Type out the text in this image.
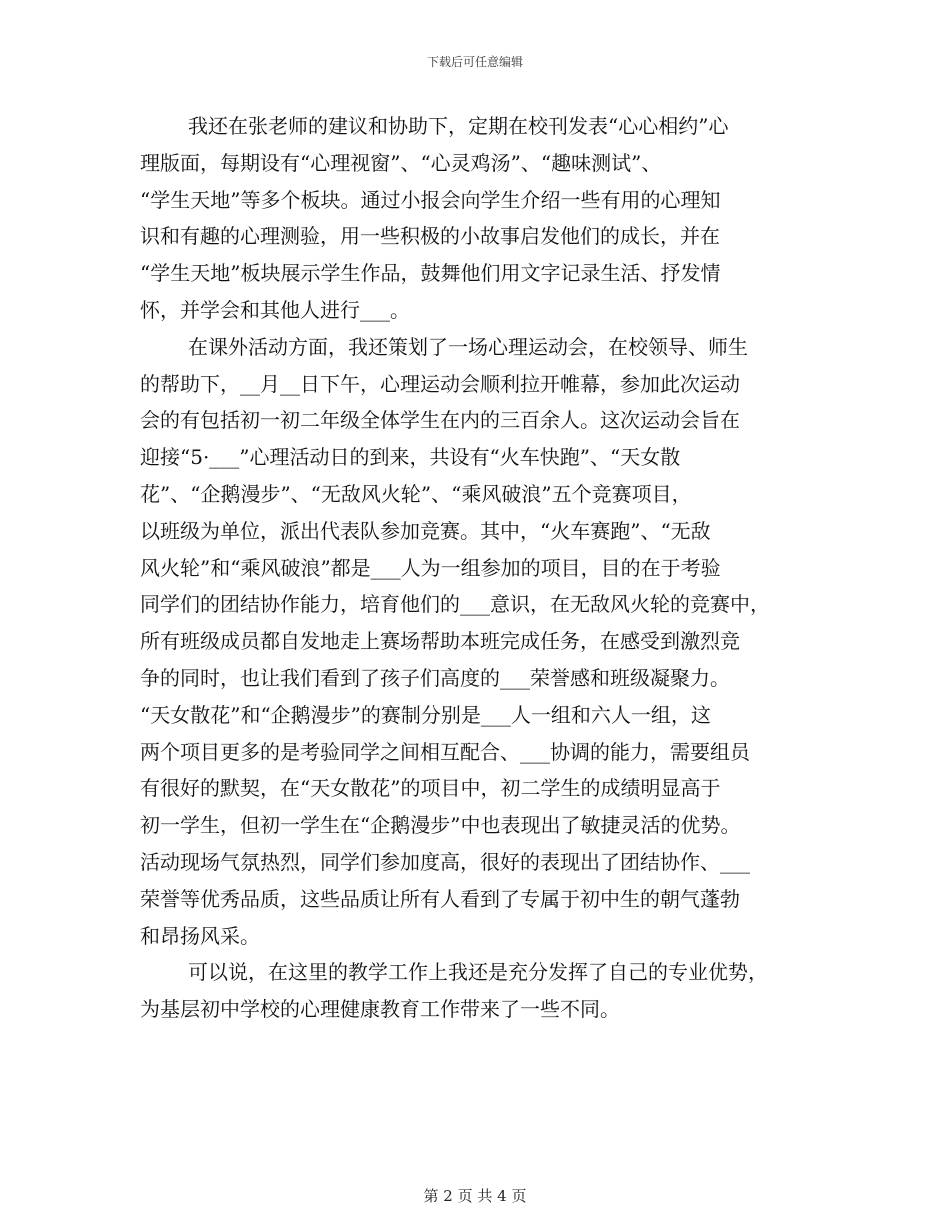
下载后可任意编辑
我还在张老师的建议和协助下，定期在校刊发表“心心相约”心
理版面，每期设有“心理视窗”、“心灵鸡汤”、“趣味测试”、
“学生天地”等多个板块。通过小报会向学生介绍一些有用的心理知
识和有趣的心理测验，用一些积极的小故事启发他们的成长，并在
“学生天地”板块展示学生作品，鼓舞他们用文字记录生活、抒发情
怀，并学会和其他人进行___。
在课外活动方面，我还策划了一场心理运动会，在校领导、师生
的帮助下，__月__日下午，心理运动会顺利拉开帷幕，参加此次运动
会的有包括初一初二年级全体学生在内的三百余人。这次运动会旨在
迎接“5·___”心理活动日的到来，共设有“火车快跑”、“天女散
花”、“企鹅漫步”、“无敌风火轮”、“乘风破浪”五个竞赛项目，
以班级为单位，派出代表队参加竞赛。其中，“火车赛跑”、“无敌
风火轮”和“乘风破浪”都是___人为一组参加的项目，目的在于考验
同学们的团结协作能力，培育他们的___意识，在无敌风火轮的竞赛中，
所有班级成员都自发地走上赛场帮助本班完成任务，在感受到激烈竞
争的同时，也让我们看到了孩子们高度的___荣誉感和班级凝聚力。
“天女散花”和“企鹅漫步”的赛制分别是___人一组和六人一组，这
两个项目更多的是考验同学之间相互配合、___协调的能力，需要组员
有很好的默契，在“天女散花”的项目中，初二学生的成绩明显高于
初一学生，但初一学生在“企鹅漫步”中也表现出了敏捷灵活的优势。
活动现场气氛热烈，同学们参加度高，很好的表现出了团结协作、___
荣誉等优秀品质，这些品质让所有人看到了专属于初中生的朝气蓬勃
和昂扬风采。
可以说，在这里的教学工作上我还是充分发挥了自己的专业优势，
为基层初中学校的心理健康教育工作带来了一些不同。
第 2 页 共 4 页
